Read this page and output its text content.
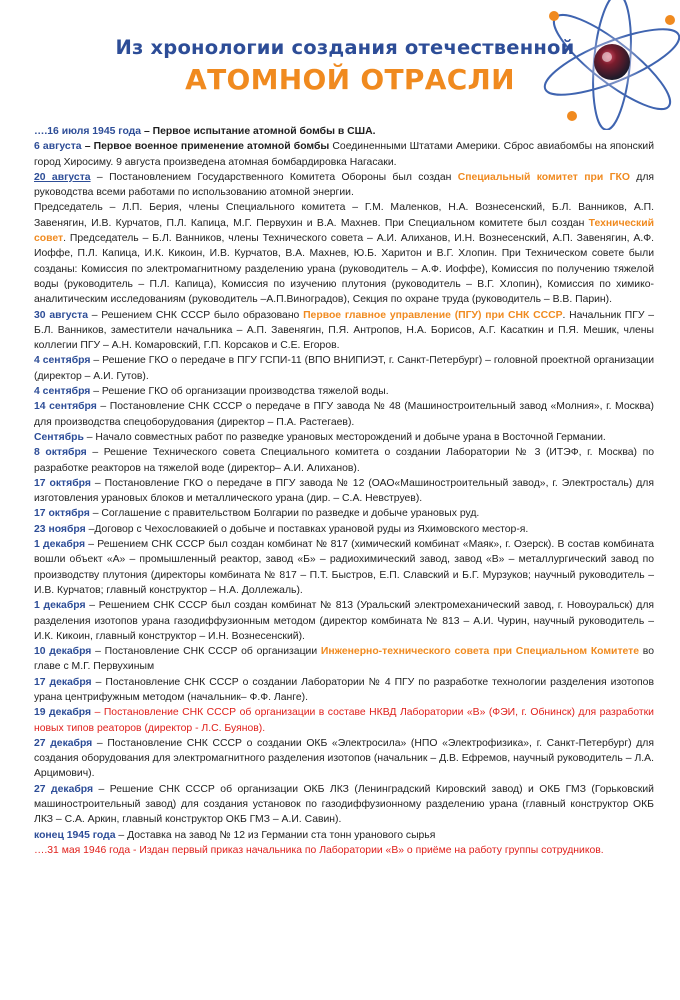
Из хронологии создания отечественной
АТОМНОЙ ОТРАСЛИ

….16 июля 1945 года – Первое испытание атомной бомбы в США.

6 августа – Первое военное применение атомной бомбы Соединенными Штатами Америки. Сброс авиабомбы на японский город Хиросиму. 9 августа произведена атомная бомбардировка Нагасаки.

20 августа – Постановлением Государственного Комитета Обороны был создан Специальный комитет при ГКО для руководства всеми работами по использованию атомной энергии.

Председатель – Л.П. Берия, члены Специального комитета – Г.М. Маленков, Н.А. Вознесенский, Б.Л. Ванников, А.П. Завенягин, И.В. Курчатов, П.Л. Капица, М.Г. Первухин и В.А. Махнев. При Специальном комитете был создан Технический совет. Председатель – Б.Л. Ванников, члены Технического совета – А.И. Алиханов, И.Н. Вознесенский, А.П. Завенягин, А.Ф. Иоффе, П.Л. Капица, И.К. Кикоин, И.В. Курчатов, В.А. Махнев, Ю.Б. Харитон и В.Г. Хлопин. При Техническом совете были созданы: Комиссия по электромагнитному разделению урана (руководитель – А.Ф. Иоффе), Комиссия по получению тяжелой воды (руководитель – П.Л. Капица), Комиссия по изучению плутония (руководитель – В.Г. Хлопин), Комиссия по химико-аналитическим исследованиям (руководитель –А.П.Виноградов), Секция по охране труда (руководитель – В.В. Парин).

30 августа – Решением СНК СССР было образовано Первое главное управление (ПГУ) при СНК СССР. Начальник ПГУ – Б.Л. Ванников, заместители начальника – А.П. Завенягин, П.Я. Антропов, Н.А. Борисов, А.Г. Касаткин и П.Я. Мешик, члены коллегии ПГУ – А.Н. Комаровский, Г.П. Корсаков и С.Е. Егоров.

4 сентября – Решение ГКО о передаче в ПГУ ГСПИ-11 (ВПО ВНИПИЭТ, г. Санкт-Петербург) – головной проектной организации (директор – А.И. Гутов).

4 сентября – Решение ГКО об организации производства тяжелой воды.

14 сентября – Постановление СНК СССР о передаче в ПГУ завода № 48 (Машиностроительный завод «Молния», г. Москва) для производства спецоборудования (директор – П.А. Растегаев).

Сентябрь – Начало совместных работ по разведке урановых месторождений и добыче урана в Восточной Германии.

8 октября – Решение Технического совета Специального комитета о создании Лаборатории № 3 (ИТЭФ, г. Москва) по разработке реакторов на тяжелой воде (директор– А.И. Алиханов).

17 октября – Постановление ГКО о передаче в ПГУ завода № 12 (ОАО«Машиностроительный завод», г. Электросталь) для изготовления урановых блоков и металлического урана (дир. – С.А. Невструев).

17 октября – Соглашение с правительством Болгарии по разведке и добыче урановых руд.

23 ноября –Договор с Чехословакией о добыче и поставках урановой руды из Яхимовского местор-я.

1 декабря – Решением СНК СССР был создан комбинат № 817 (химический комбинат «Маяк», г. Озерск). В состав комбината вошли объект «А» – промышленный реактор, завод «Б» – радиохимический завод, завод «В» – металлургический завод по производству плутония (директоры комбината № 817 – П.Т. Быстров, Е.П. Славский и Б.Г. Мурзуков; научный руководитель – И.В. Курчатов; главный конструктор – Н.А. Доллежаль).

1 декабря – Решением СНК СССР был создан комбинат № 813 (Уральский электромеханический завод, г. Новоуральск) для разделения изотопов урана газодиффузионным методом (директор комбината № 813 – А.И. Чурин, научный руководитель – И.К. Кикоин, главный конструктор – И.Н. Вознесенский).

10 декабря – Постановление СНК СССР об организации Инженерно-технического совета при Специальном Комитете во главе с М.Г. Первухиным

17 декабря – Постановление СНК СССР о создании Лаборатории № 4 ПГУ по разработке технологии разделения изотопов урана центрифужным методом (начальник– Ф.Ф. Ланге).

19 декабря – Постановление СНК СССР об организации в составе НКВД Лаборатории «В» (ФЭИ, г. Обнинск) для разработки новых типов реаторов (директор - Л.С. Буянов).

27 декабря – Постановление СНК СССР о создании ОКБ «Электросила» (НПО «Электрофизика», г. Санкт-Петербург) для создания оборудования для электромагнитного разделения изотопов (начальник – Д.В. Ефремов, научный руководитель – Л.А. Арцимович).

27 декабря – Решение СНК СССР об организации ОКБ ЛКЗ (Ленинградский Кировский завод) и ОКБ ГМЗ (Горьковский машиностроительный завод) для создания установок по газодиффузионному разделению урана (главный конструктор ОКБ ЛКЗ – С.А. Аркин, главный конструктор ОКБ ГМЗ – А.И. Савин).

конец 1945 года – Доставка на завод № 12 из Германии ста тонн уранового сырья

….31 мая 1946 года - Издан первый приказ начальника по Лаборатории «В» о приёме на работу группы сотрудников.
